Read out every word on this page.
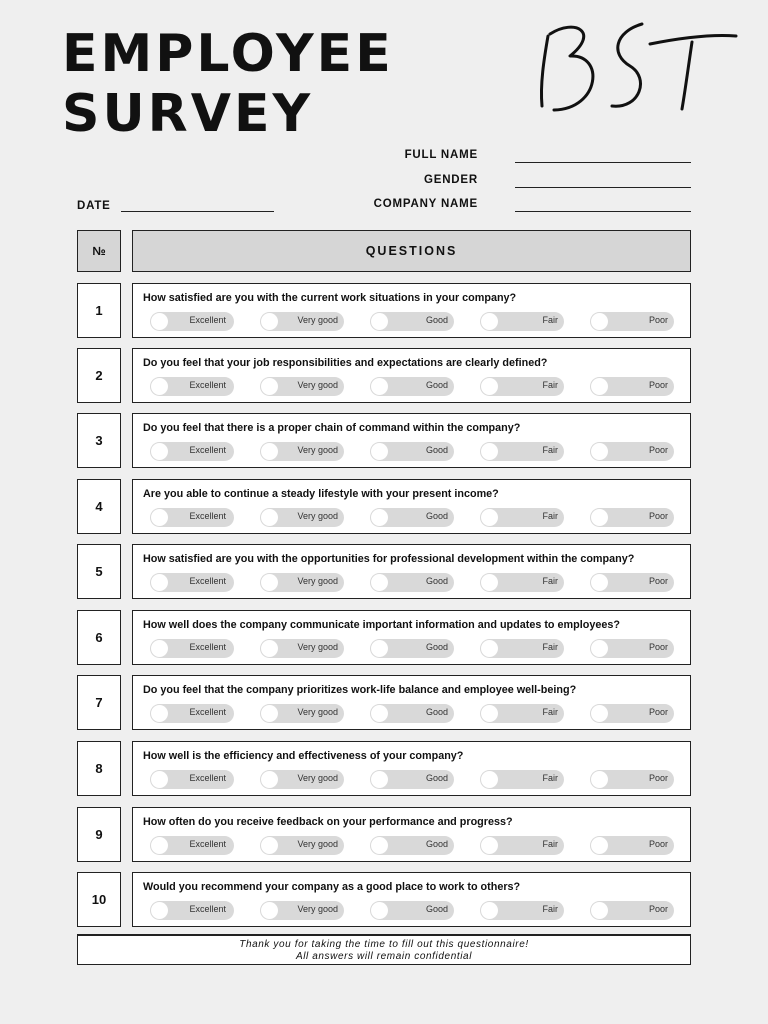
EMPLOYEE
SURVEY
FULL NAME
GENDER
COMPANY NAME
DATE
№	QUESTIONS
1
How satisfied are you with the current work situations in your company?
Excellent	Very good	Good	Fair	Poor
2
Do you feel that your job responsibilities and expectations are clearly defined?
Excellent	Very good	Good	Fair	Poor
3
Do you feel that there is a proper chain of command within the company?
Excellent	Very good	Good	Fair	Poor
4
Are you able to continue a steady lifestyle with your present income?
Excellent	Very good	Good	Fair	Poor
5
How satisfied are you with the opportunities for professional development within the company?
Excellent	Very good	Good	Fair	Poor
6
How well does the company communicate important information and updates to employees?
Excellent	Very good	Good	Fair	Poor
7
Do you feel that the company prioritizes work-life balance and employee well-being?
Excellent	Very good	Good	Fair	Poor
8
How well is the efficiency and effectiveness of your company?
Excellent	Very good	Good	Fair	Poor
9
How often do you receive feedback on your performance and progress?
Excellent	Very good	Good	Fair	Poor
10
Would you recommend your company as a good place to work to others?
Excellent	Very good	Good	Fair	Poor
Thank you for taking the time to fill out this questionnaire!
All answers will remain confidential
